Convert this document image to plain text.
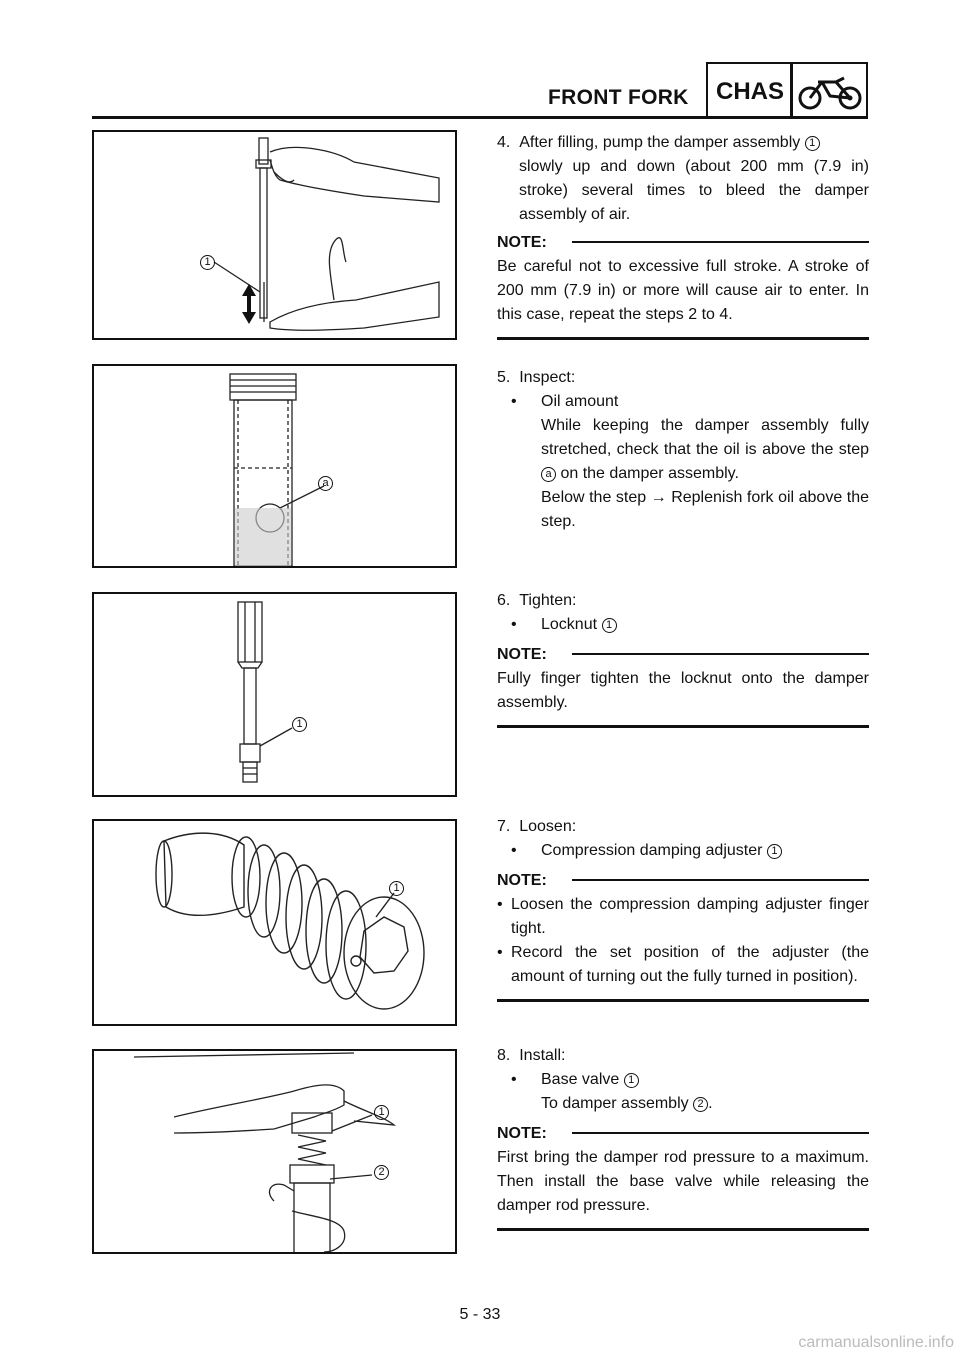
FRONT FORK CHAS
1

4. After filling, pump the damper assembly 1

slowly up and down (about 200 mm (7.9 in) stroke) several times to bleed the damper assembly of air.

NOTE:
Be careful not to excessive full stroke. A stroke of 200 mm (7.9 in) or more will cause air to enter. In this case, repeat the steps 2 to 4.
a

5. Inspect:

• Oil amount

While keeping the damper assembly fully stretched, check that the oil is above the step a on the damper assembly.

Below the step → Replenish fork oil above the step.

1

6. Tighten:

• Locknut 1

NOTE:
Fully finger tighten the locknut onto the damper assembly.
1

7. Loosen:

• Compression damping adjuster 1

NOTE:

• Loosen the compression damping adjuster finger tight.

• Record the set position of the adjuster (the amount of turning out the fully turned in position).

1
2

8. Install:

• Base valve 1

To damper assembly 2 .

NOTE:
First bring the damper rod pressure to a maximum. Then install the base valve while releasing the damper rod pressure.
5 - 33
carmanualsonline.info
